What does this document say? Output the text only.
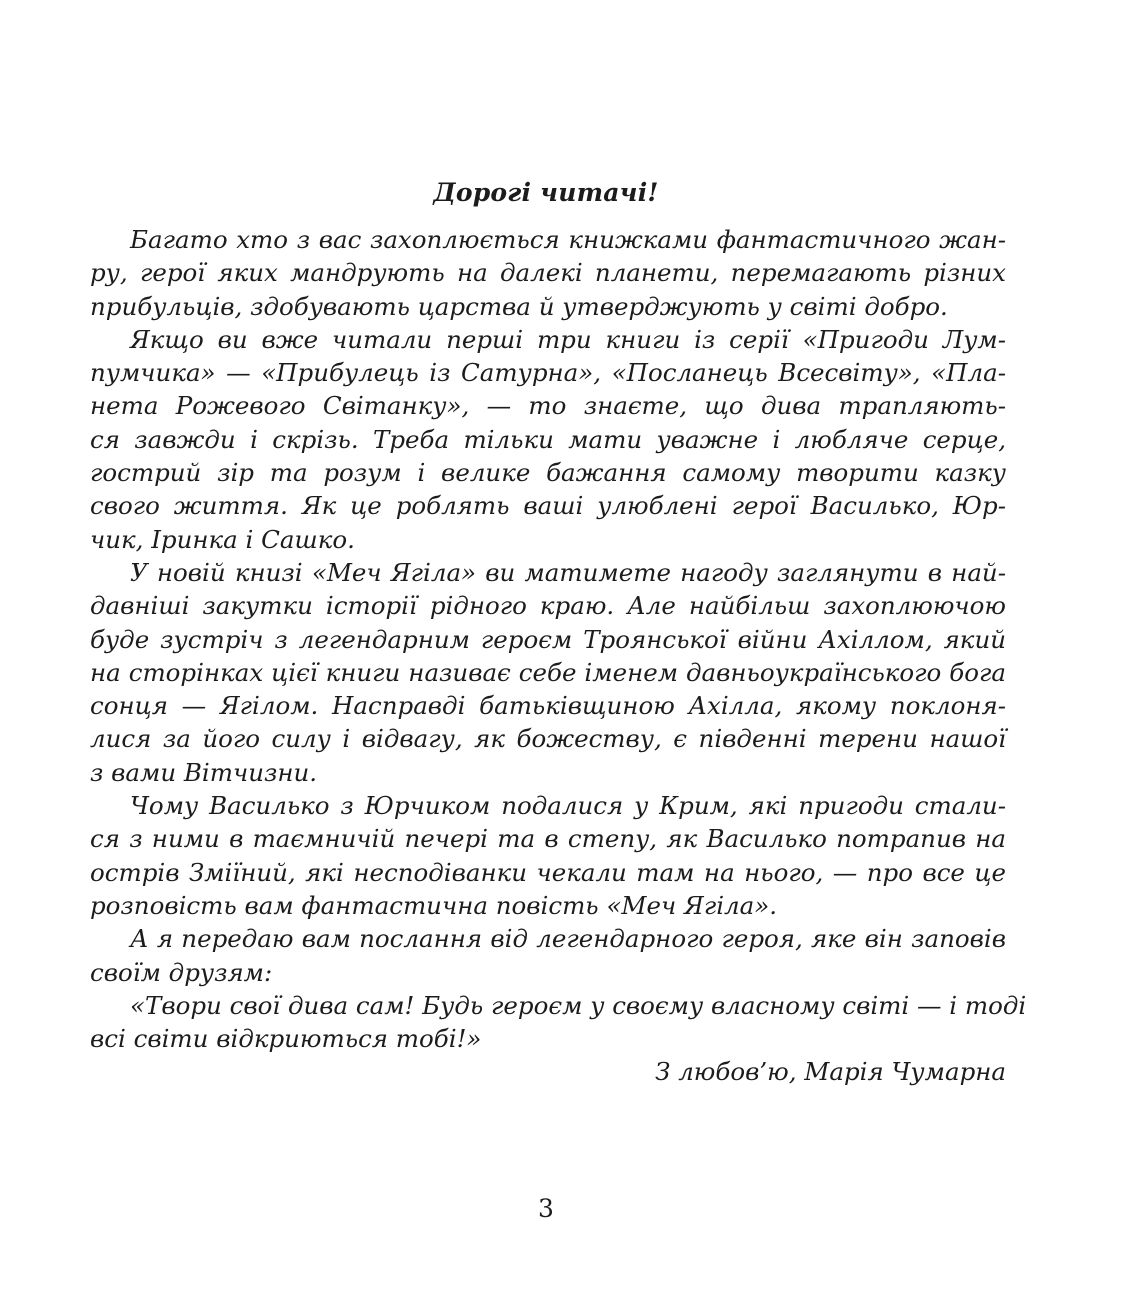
Дорогі читачі!
Багато хто з вас захоплюється книжками фантастичного жан-
ру, герої яких мандрують на далекі планети, перемагають різних
прибульців, здобувають царства й утверджують у світі добро.
Якщо ви вже читали перші три книги із серії «Пригоди Лум-
пумчика» — «Прибулець із Сатурна», «Посланець Всесвіту», «Пла-
нета Рожевого Світанку», — то знаєте, що дива трапляють-
ся завжди і скрізь. Треба тільки мати уважне і люблячe серце,
гострий зір та розум і велике бажання самому творити казку
свого життя. Як це роблять ваші улюблені герої Василько, Юр-
чик, Іринка і Сашко.
У новій книзі «Меч Ягіла» ви матимете нагоду заглянути в най-
давніші закутки історії рідного краю. Але найбільш захоплюючою
буде зустріч з легендарним героєм Троянської війни Ахіллом, який
на сторінках цієї книги називає себе іменем давньоукраїнського бога
сонця — Ягілом. Насправді батьківщиною Ахілла, якому поклоня-
лися за його силу і відвагу, як божеству, є південні терени нашої
з вами Вітчизни.
Чому Василько з Юрчиком подалися у Крим, які пригоди стали-
ся з ними в таємничій печері та в степу, як Василько потрапив на
острів Зміїний, які несподіванки чекали там на нього, — про все це
розповість вам фантастична повість «Меч Ягіла».
А я передаю вам послання від легендарного героя, яке він заповів
своїм друзям:
«Твори свої дива сам! Будь героєм у своєму власному світі — і тоді
всі світи відкриються тобі!»
З любов’ю, Марія Чумарна
3
